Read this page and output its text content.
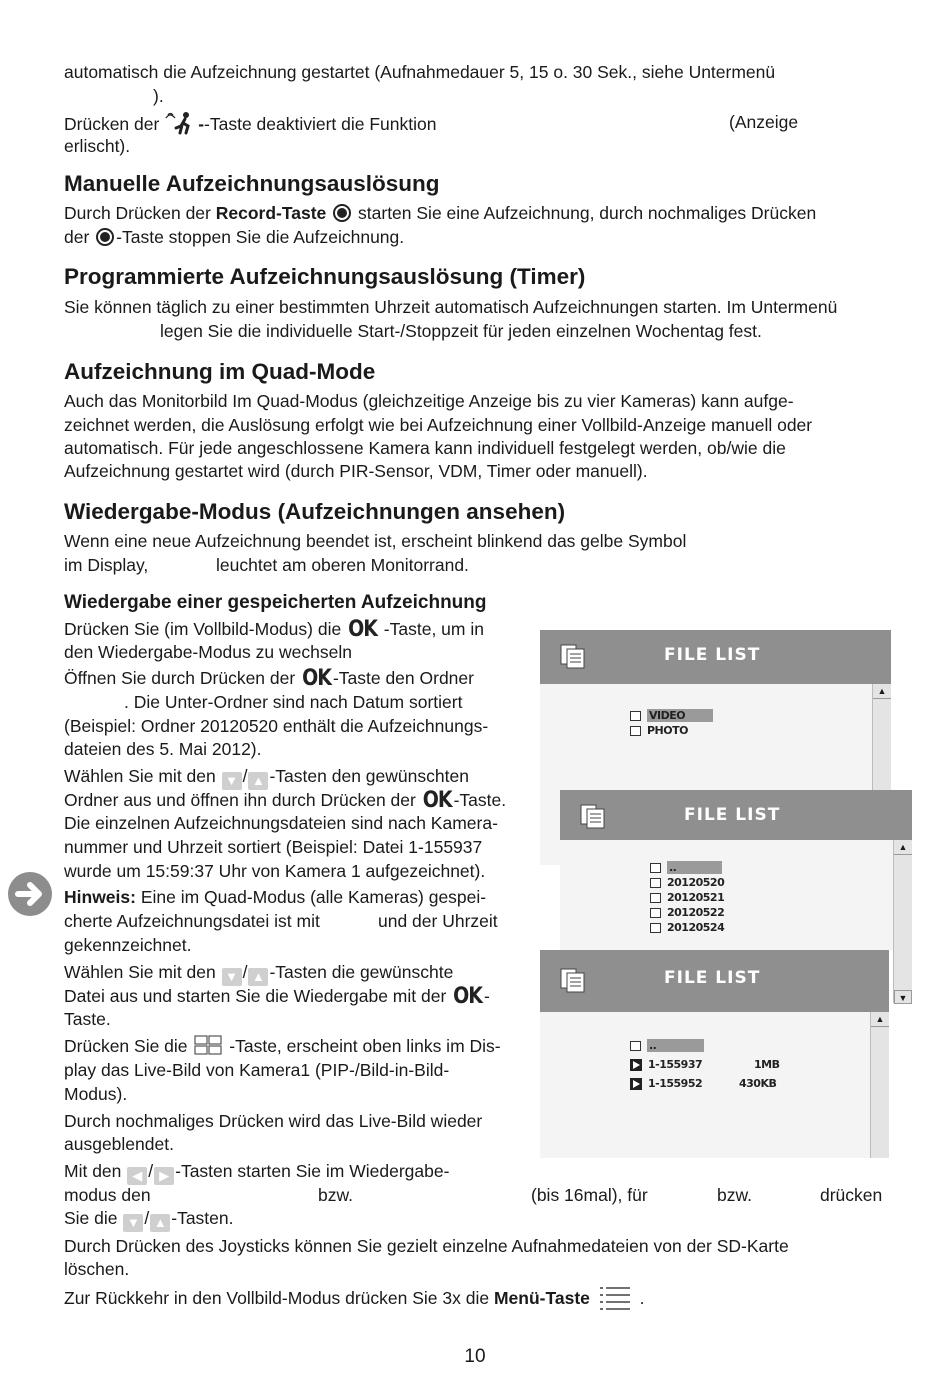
automatisch die Aufzeichnung gestartet (Aufnahmedauer 5, 15 o. 30 Sek., siehe Untermenü

).

Drücken der --Taste deaktiviert die Funktion	(Anzeige

erlischt).

Manuelle Aufzeichnungsauslösung

Durch Drücken der Record-Taste  starten Sie eine Aufzeichnung, durch nochmaliges Drücken

der -Taste stoppen Sie die Aufzeichnung.

Programmierte Aufzeichnungsauslösung (Timer)

Sie können täglich zu einer bestimmten Uhrzeit automatisch Aufzeichnungen starten. Im Untermenü

legen Sie die individuelle Start-/Stoppzeit für jeden einzelnen Wochentag fest.

Aufzeichnung im Quad-Mode

Auch das Monitorbild Im Quad-Modus (gleichzeitige Anzeige bis zu vier Kameras) kann aufge-

zeichnet werden, die Auslösung erfolgt wie bei Aufzeichnung einer Vollbild-Anzeige manuell oder

automatisch. Für jede angeschlossene Kamera kann individuell festgelegt werden, ob/wie die

Aufzeichnung gestartet wird (durch PIR-Sensor, VDM, Timer oder manuell).

Wiedergabe-Modus (Aufzeichnungen ansehen)

Wenn eine neue Aufzeichnung beendet ist, erscheint blinkend das gelbe Symbol

im Display,	leuchtet am oberen Monitorrand.

Wiedergabe einer gespeicherten Aufzeichnung

Drücken Sie (im Vollbild-Modus) die OK -Taste, um in

den Wiedergabe-Modus zu wechseln

Öffnen Sie durch Drücken der OK -Taste den Ordner

. Die Unter-Ordner sind nach Datum sortiert

(Beispiel: Ordner 20120520 enthält die Aufzeichnungs-

dateien des 5. Mai 2012).

Wählen Sie mit den ▼ / ▲ -Tasten den gewünschten

Ordner aus und öffnen ihn durch Drücken der OK -Taste.

Die einzelnen Aufzeichnungsdateien sind nach Kamera-

nummer und Uhrzeit sortiert (Beispiel: Datei 1-155937

wurde um 15:59:37 Uhr von Kamera 1 aufgezeichnet).

Hinweis: Eine im Quad-Modus (alle Kameras) gespei-

cherte Aufzeichnungsdatei ist mit	und der Uhrzeit

gekennzeichnet.

Wählen Sie mit den ▼ / ▲ -Tasten die gewünschte

Datei aus und starten Sie die Wiedergabe mit der OK -

Taste.

Drücken Sie die  -Taste, erscheint oben links im Dis-

play das Live-Bild von Kamera1 (PIP-/Bild-in-Bild-

Modus).

Durch nochmaliges Drücken wird das Live-Bild wieder

ausgeblendet.

Mit den ◀ / ▶ -Tasten starten Sie im Wiedergabe-

modus den	bzw.	(bis 16mal), für	bzw.	drücken

Sie die ▼ / ▲ -Tasten.

Durch Drücken des Joysticks können Sie gezielt einzelne Aufnahmedateien von der SD-Karte

löschen.

Zur Rückkehr in den Vollbild-Modus drücken Sie 3x die Menü-Taste	.

FILE LIST
▲
VIDEO
PHOTO
FILE LIST
▲
..
1-155937	1MB
1-155952	430KB
FILE LIST
▲
..
20120520
20120521
20120522
20120524
▼
10
